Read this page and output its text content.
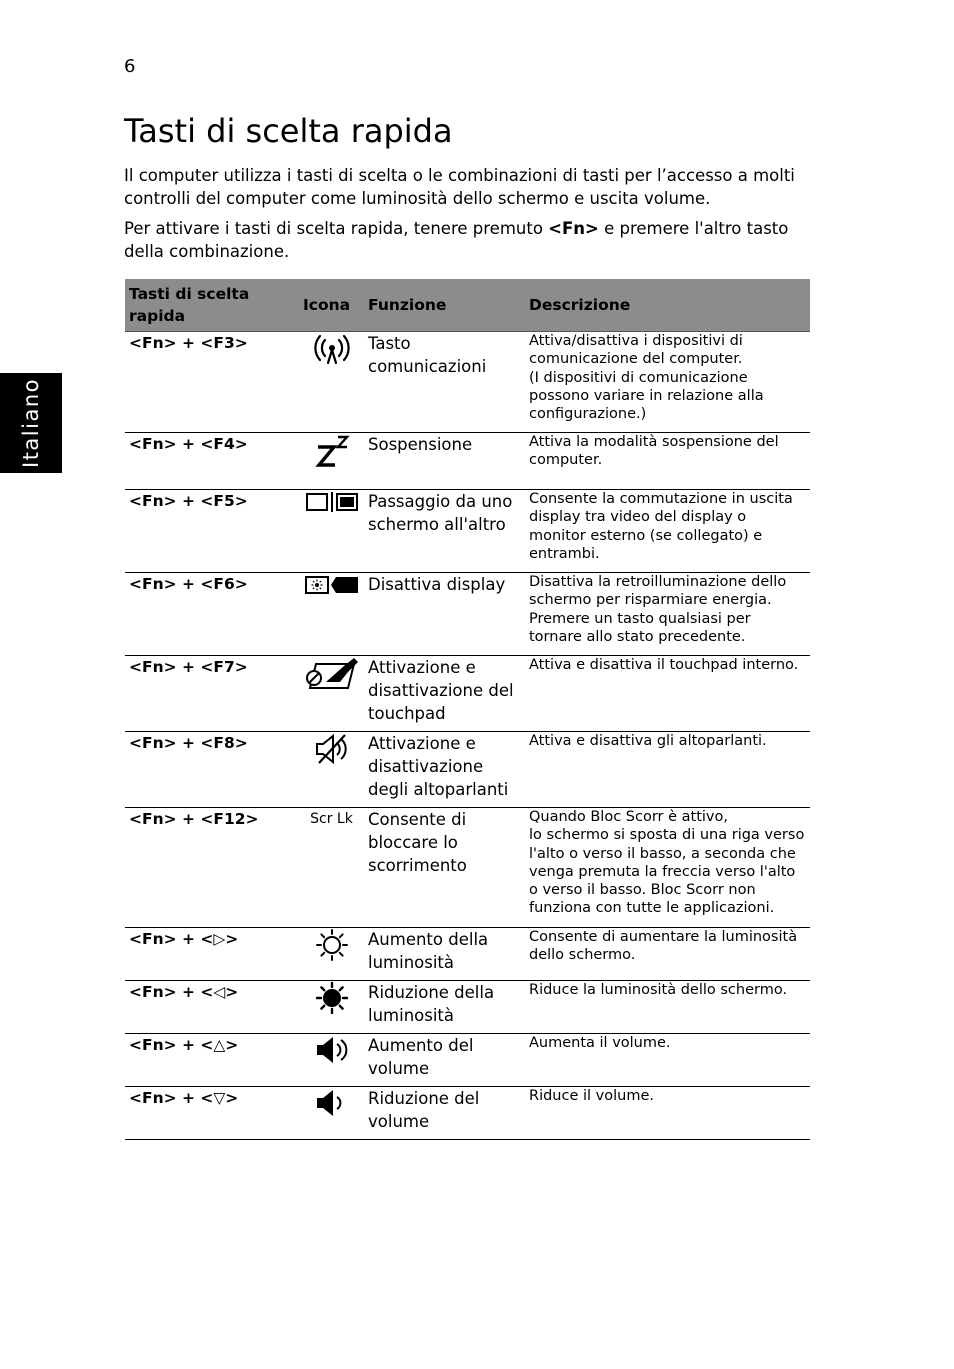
6
Italiano
Tasti di scelta rapida

Il computer utilizza i tasti di scelta o le combinazioni di tasti per l’accesso a molti controlli del computer come luminosità dello schermo e uscita volume.

Per attivare i tasti di scelta rapida, tenere premuto <Fn> e premere l'altro tasto della combinazione.

Tasti di scelta rapida	Icona	Funzione	Descrizione
<Fn> + <F3>		Tasto comunicazioni	Attiva/disattiva i dispositivi di comunicazione del computer.
(I dispositivi di comunicazione possono variare in relazione alla configurazione.)
<Fn> + <F4>		Sospensione	Attiva la modalità sospensione del computer.
<Fn> + <F5>		Passaggio da uno schermo all'altro	Consente la commutazione in uscita display tra video del display o monitor esterno (se collegato) e entrambi.
<Fn> + <F6>		Disattiva display	Disattiva la retroilluminazione dello schermo per risparmiare energia. Premere un tasto qualsiasi per tornare allo stato precedente.
<Fn> + <F7>		Attivazione e disattivazione del touchpad	Attiva e disattiva il touchpad interno.
<Fn> + <F8>		Attivazione e disattivazione degli altoparlanti	Attiva e disattiva gli altoparlanti.
<Fn> + <F12>	Scr Lk	Consente di bloccare lo scorrimento	Quando Bloc Scorr è attivo,
lo schermo si sposta di una riga verso l'alto o verso il basso, a seconda che venga premuta la freccia verso l'alto o verso il basso. Bloc Scorr non funziona con tutte le applicazioni.
<Fn> + <▷>		Aumento della luminosità	Consente di aumentare la luminosità dello schermo.
<Fn> + <◁>		Riduzione della luminosità	Riduce la luminosità dello schermo.
<Fn> + <△>		Aumento del volume	Aumenta il volume.
<Fn> + <▽>		Riduzione del volume	Riduce il volume.
